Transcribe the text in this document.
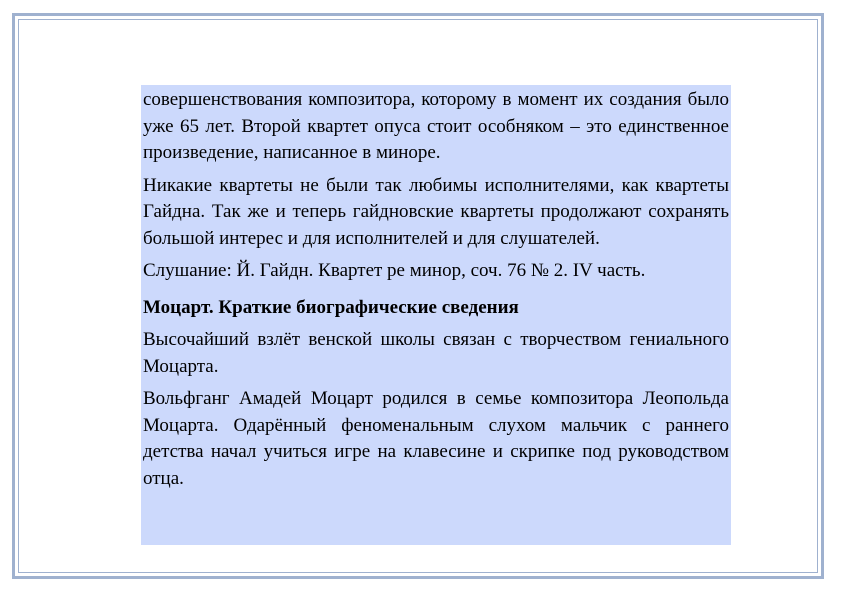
совершенствования композитора, которому в момент их создания было уже 65 лет. Второй квартет опуса стоит особняком – это единственное произведение, написанное в миноре.

Никакие квартеты не были так любимы исполнителями, как квартеты Гайдна. Так же и теперь гайдновские квартеты продолжают сохранять большой интерес и для исполнителей и для слушателей.

Слушание: Й. Гайдн. Квартет ре минор, соч. 76 № 2. IV часть.

Моцарт. Краткие биографические сведения

Высочайший взлёт венской школы связан с творчеством гениального Моцарта.

Вольфганг Амадей Моцарт родился в семье композитора Леопольда Моцарта. Одарённый феноменальным слухом мальчик с раннего детства начал учиться игре на клавесине и скрипке под руководством отца.
